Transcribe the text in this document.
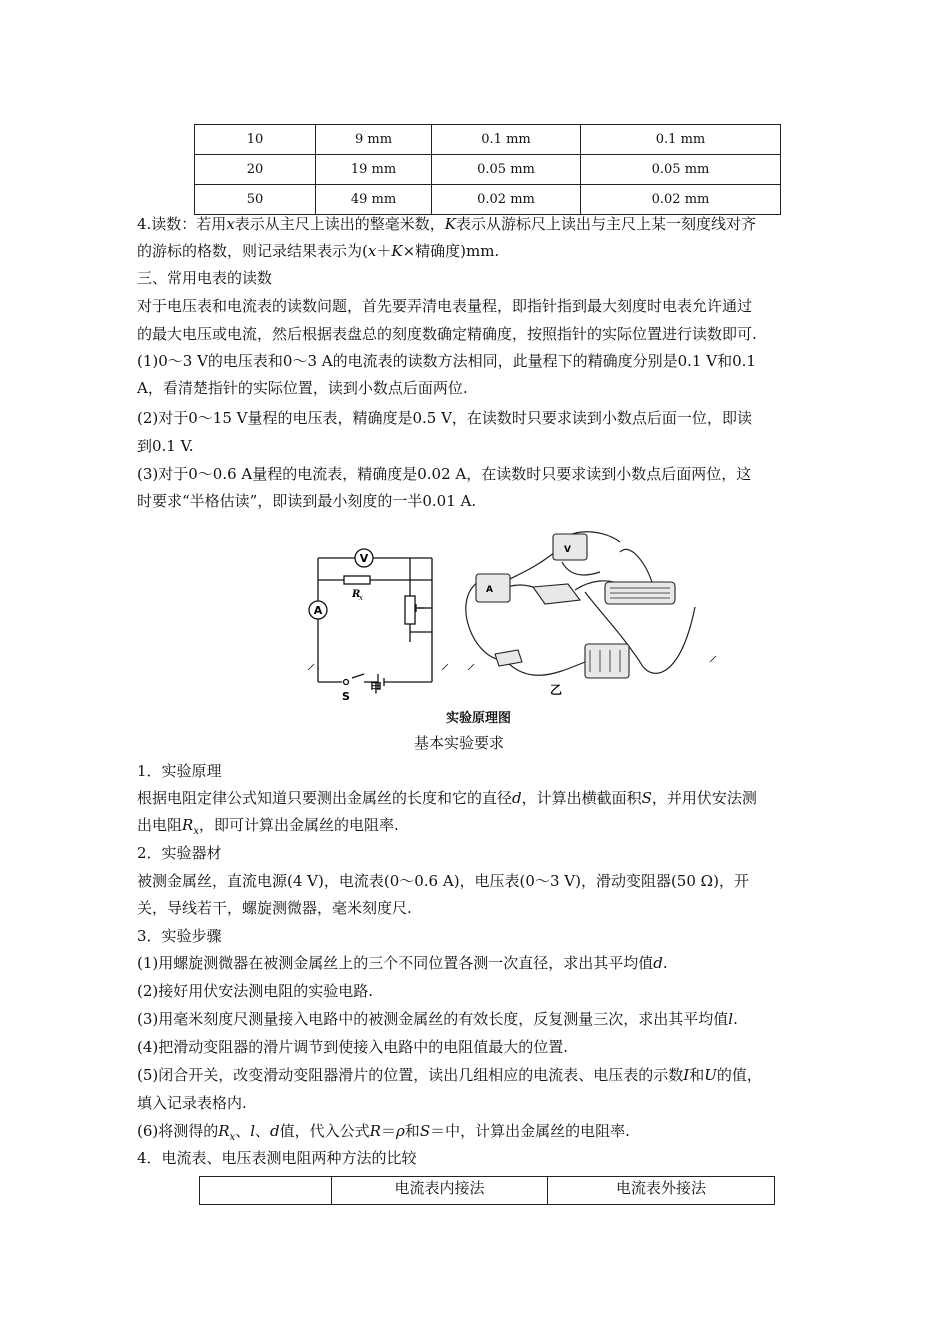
10	9 mm	0.1 mm	0.1 mm
20	19 mm	0.05 mm	0.05 mm
50	49 mm	0.02 mm	0.02 mm
4.读数：若用x表示从主尺上读出的整毫米数，K表示从游标尺上读出与主尺上某一刻度线对齐
的游标的格数，则记录结果表示为(x＋K×精确度)mm.
三、常用电表的读数
对于电压表和电流表的读数问题，首先要弄清电表量程，即指针指到最大刻度时电表允许通过
的最大电压或电流，然后根据表盘总的刻度数确定精确度，按照指针的实际位置进行读数即可.
(1)0～3 V的电压表和0～3 A的电流表的读数方法相同，此量程下的精确度分别是0.1 V和0.1
A，看清楚指针的实际位置，读到小数点后面两位.
(2)对于0～15 V量程的电压表，精确度是0.5 V，在读数时只要求读到小数点后面一位，即读
到0.1 V.
(3)对于0～0.6 A量程的电流表，精确度是0.02 A，在读数时只要求读到小数点后面两位，这
时要求“半格估读”，即读到最小刻度的一半0.01 A.
V
A
R
x
S
甲
A
V
乙
实验原理图
基本实验要求
1．实验原理
根据电阻定律公式知道只要测出金属丝的长度和它的直径d，计算出横截面积S，并用伏安法测
出电阻$R_x$，即可计算出金属丝的电阻率.
2．实验器材
被测金属丝，直流电源(4 V)，电流表(0～0.6 A)，电压表(0～3 V)，滑动变阻器(50 Ω)，开
关，导线若干，螺旋测微器，毫米刻度尺.
3．实验步骤
(1)用螺旋测微器在被测金属丝上的三个不同位置各测一次直径，求出其平均值d.
(2)接好用伏安法测电阻的实验电路.
(3)用毫米刻度尺测量接入电路中的被测金属丝的有效长度，反复测量三次，求出其平均值l.
(4)把滑动变阻器的滑片调节到使接入电路中的电阻值最大的位置.
(5)闭合开关，改变滑动变阻器滑片的位置，读出几组相应的电流表、电压表的示数I和U的值，
填入记录表格内.
(6)将测得的$R_x$、l、d值，代入公式R＝ρ和S＝中，计算出金属丝的电阻率.
4．电流表、电压表测电阻两种方法的比较
	电流表内接法	电流表外接法
